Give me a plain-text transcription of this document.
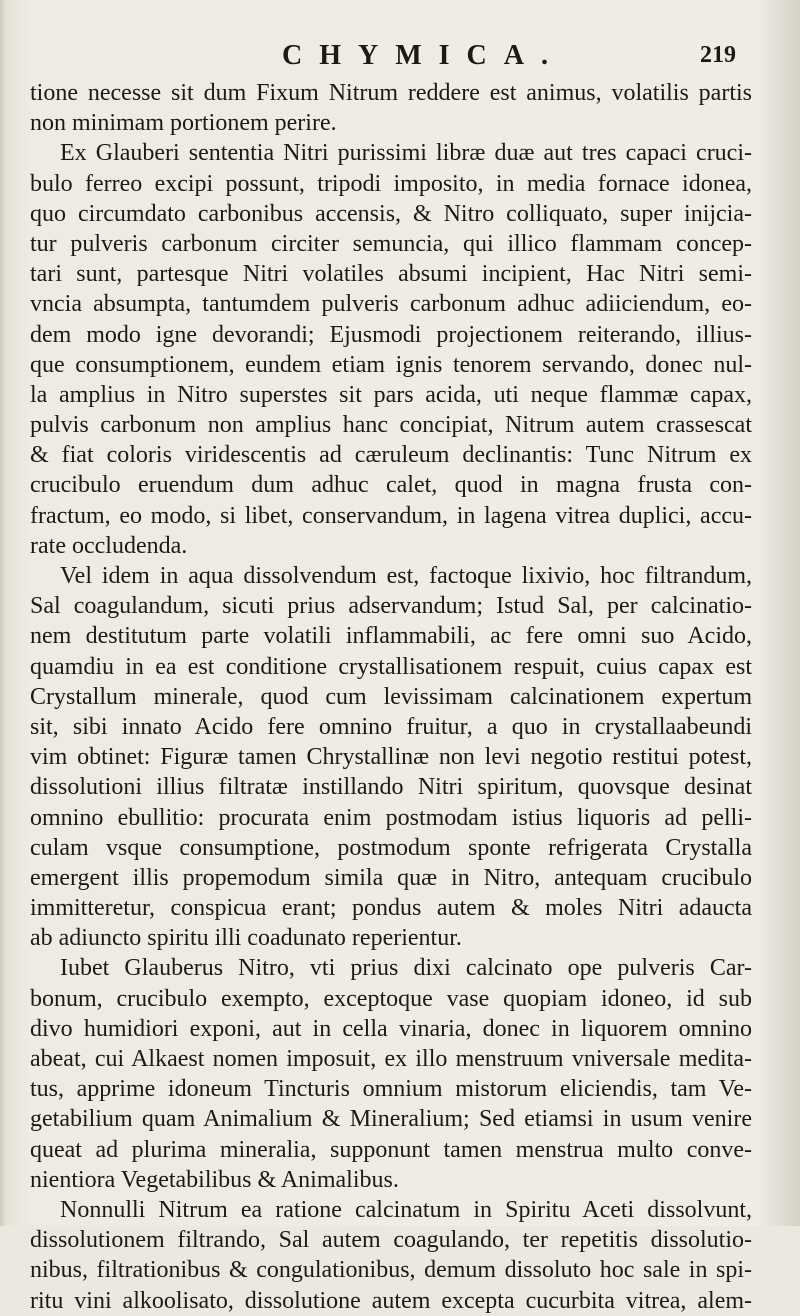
CHYMICA.	219
tione necesse sit dum Fixum Nitrum reddere est animus, volatilis partis
non minimam portionem perire.
Ex Glauberi sententia Nitri purissimi libræ duæ aut tres capaci cruci-
bulo ferreo excipi possunt, tripodi imposito, in media fornace idonea,
quo circumdato carbonibus accensis, & Nitro colliquato, super inijcia-
tur pulveris carbonum circiter semuncia, qui illico flammam concep-
tari sunt, partesque Nitri volatiles absumi incipient, Hac Nitri semi-
vncia absumpta, tantumdem pulveris carbonum adhuc adiiciendum, eo-
dem modo igne devorandi; Ejusmodi projectionem reiterando, illius-
que consumptionem, eundem etiam ignis tenorem servando, donec nul-
la amplius in Nitro superstes sit pars acida, uti neque flammæ capax,
pulvis carbonum non amplius hanc concipiat, Nitrum autem crassescat
& fiat coloris viridescentis ad cæruleum declinantis: Tunc Nitrum ex
crucibulo eruendum dum adhuc calet, quod in magna frusta con-
fractum, eo modo, si libet, conservandum, in lagena vitrea duplici, accu-
rate occludenda.
Vel idem in aqua dissolvendum est, factoque lixivio, hoc filtrandum,
Sal coagulandum, sicuti prius adservandum; Istud Sal, per calcinatio-
nem destitutum parte volatili inflammabili, ac fere omni suo Acido,
quamdiu in ea est conditione crystallisationem respuit, cuius capax est
Crystallum minerale, quod cum levissimam calcinationem expertum
sit, sibi innato Acido fere omnino fruitur, a quo in crystallaabeundi
vim obtinet: Figuræ tamen Chrystallinæ non levi negotio restitui potest,
dissolutioni illius filtratæ instillando Nitri spiritum, quovsque desinat
omnino ebullitio: procurata enim postmodam istius liquoris ad pelli-
culam vsque consumptione, postmodum sponte refrigerata Crystalla
emergent illis propemodum simila quæ in Nitro, antequam crucibulo
immitteretur, conspicua erant; pondus autem & moles Nitri adaucta
ab adiuncto spiritu illi coadunato reperientur.
Iubet Glauberus Nitro, vti prius dixi calcinato ope pulveris Car-
bonum, crucibulo exempto, exceptoque vase quopiam idoneo, id sub
divo humidiori exponi, aut in cella vinaria, donec in liquorem omnino
abeat, cui Alkaest nomen imposuit, ex illo menstruum vniversale medita-
tus, apprime idoneum Tincturis omnium mistorum eliciendis, tam Ve-
getabilium quam Animalium & Mineralium; Sed etiamsi in usum venire
queat ad plurima mineralia, supponunt tamen menstrua multo conve-
nientiora Vegetabilibus & Animalibus.
Nonnulli Nitrum ea ratione calcinatum in Spiritu Aceti dissolvunt,
dissolutionem filtrando, Sal autem coagulando, ter repetitis dissolutio-
nibus, filtrationibus & congulationibus, demum dissoluto hoc sale in spi-
ritu vini alkoolisato, dissolutione autem excepta cucurbita vitrea, alem-
